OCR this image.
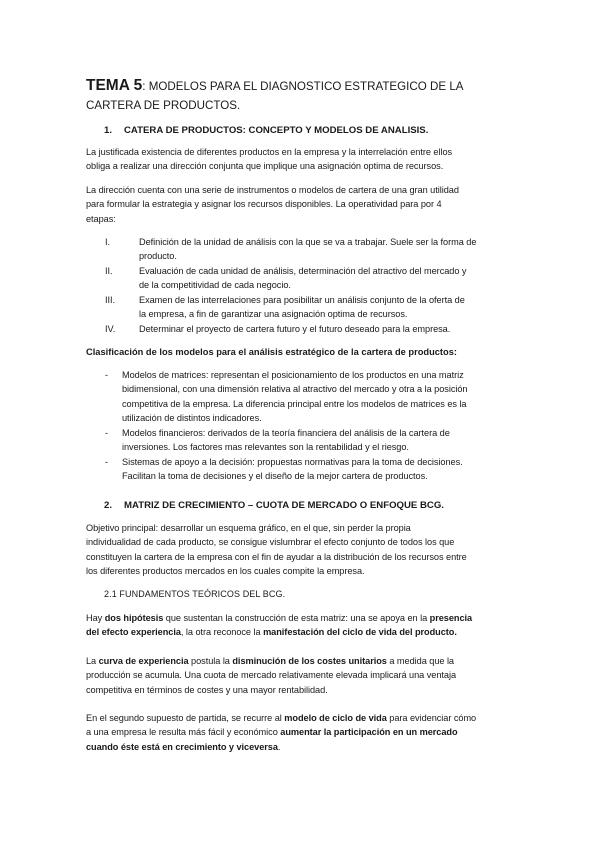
TEMA 5: MODELOS PARA EL DIAGNOSTICO ESTRATEGICO DE LA
CARTERA DE PRODUCTOS.
1. CATERA DE PRODUCTOS: CONCEPTO Y MODELOS DE ANALISIS.
La justificada existencia de diferentes productos en la empresa y la interrelación entre ellos
obliga a realizar una dirección conjunta que implique una asignación optima de recursos.
La dirección cuenta con una serie de instrumentos o modelos de cartera de una gran utilidad
para formular la estrategia y asignar los recursos disponibles. La operatividad para por 4
etapas:
I.	Definición de la unidad de análisis con la que se va a trabajar. Suele ser la forma de
producto.
II.	Evaluación de cada unidad de análisis, determinación del atractivo del mercado y
de la competitividad de cada negocio.
III.	Examen de las interrelaciones para posibilitar un análisis conjunto de la oferta de
la empresa, a fin de garantizar una asignación optima de recursos.
IV.	Determinar el proyecto de cartera futuro y el futuro deseado para la empresa.
Clasificación de los modelos para el análisis estratégico de la cartera de productos:
-	Modelos de matrices: representan el posicionamiento de los productos en una matriz
bidimensional, con una dimensión relativa al atractivo del mercado y otra a la posición
competitiva de la empresa. La diferencia principal entre los modelos de matrices es la
utilización de distintos indicadores.
-	Modelos financieros: derivados de la teoría financiera del análisis de la cartera de
inversiones. Los factores mas relevantes son la rentabilidad y el riesgo.
-	Sistemas de apoyo a la decisión: propuestas normativas para la toma de decisiones.
Facilitan la toma de decisiones y el diseño de la mejor cartera de productos.
2. MATRIZ DE CRECIMIENTO – CUOTA DE MERCADO O ENFOQUE BCG.
Objetivo principal: desarrollar un esquema gráfico, en el que, sin perder la propia
individualidad de cada producto, se consigue vislumbrar el efecto conjunto de todos los que
constituyen la cartera de la empresa con el fin de ayudar a la distribución de los recursos entre
los diferentes productos mercados en los cuales compite la empresa.
2.1 FUNDAMENTOS TEÓRICOS DEL BCG.
Hay dos hipótesis que sustentan la construcción de esta matriz: una se apoya en la presencia
del efecto experiencia, la otra reconoce la manifestación del ciclo de vida del producto.
La curva de experiencia postula la disminución de los costes unitarios a medida que la
producción se acumula. Una cuota de mercado relativamente elevada implicará una ventaja
competitiva en términos de costes y una mayor rentabilidad.
En el segundo supuesto de partida, se recurre al modelo de ciclo de vida para evidenciar cómo
a una empresa le resulta más fácil y económico aumentar la participación en un mercado
cuando éste está en crecimiento y viceversa.
